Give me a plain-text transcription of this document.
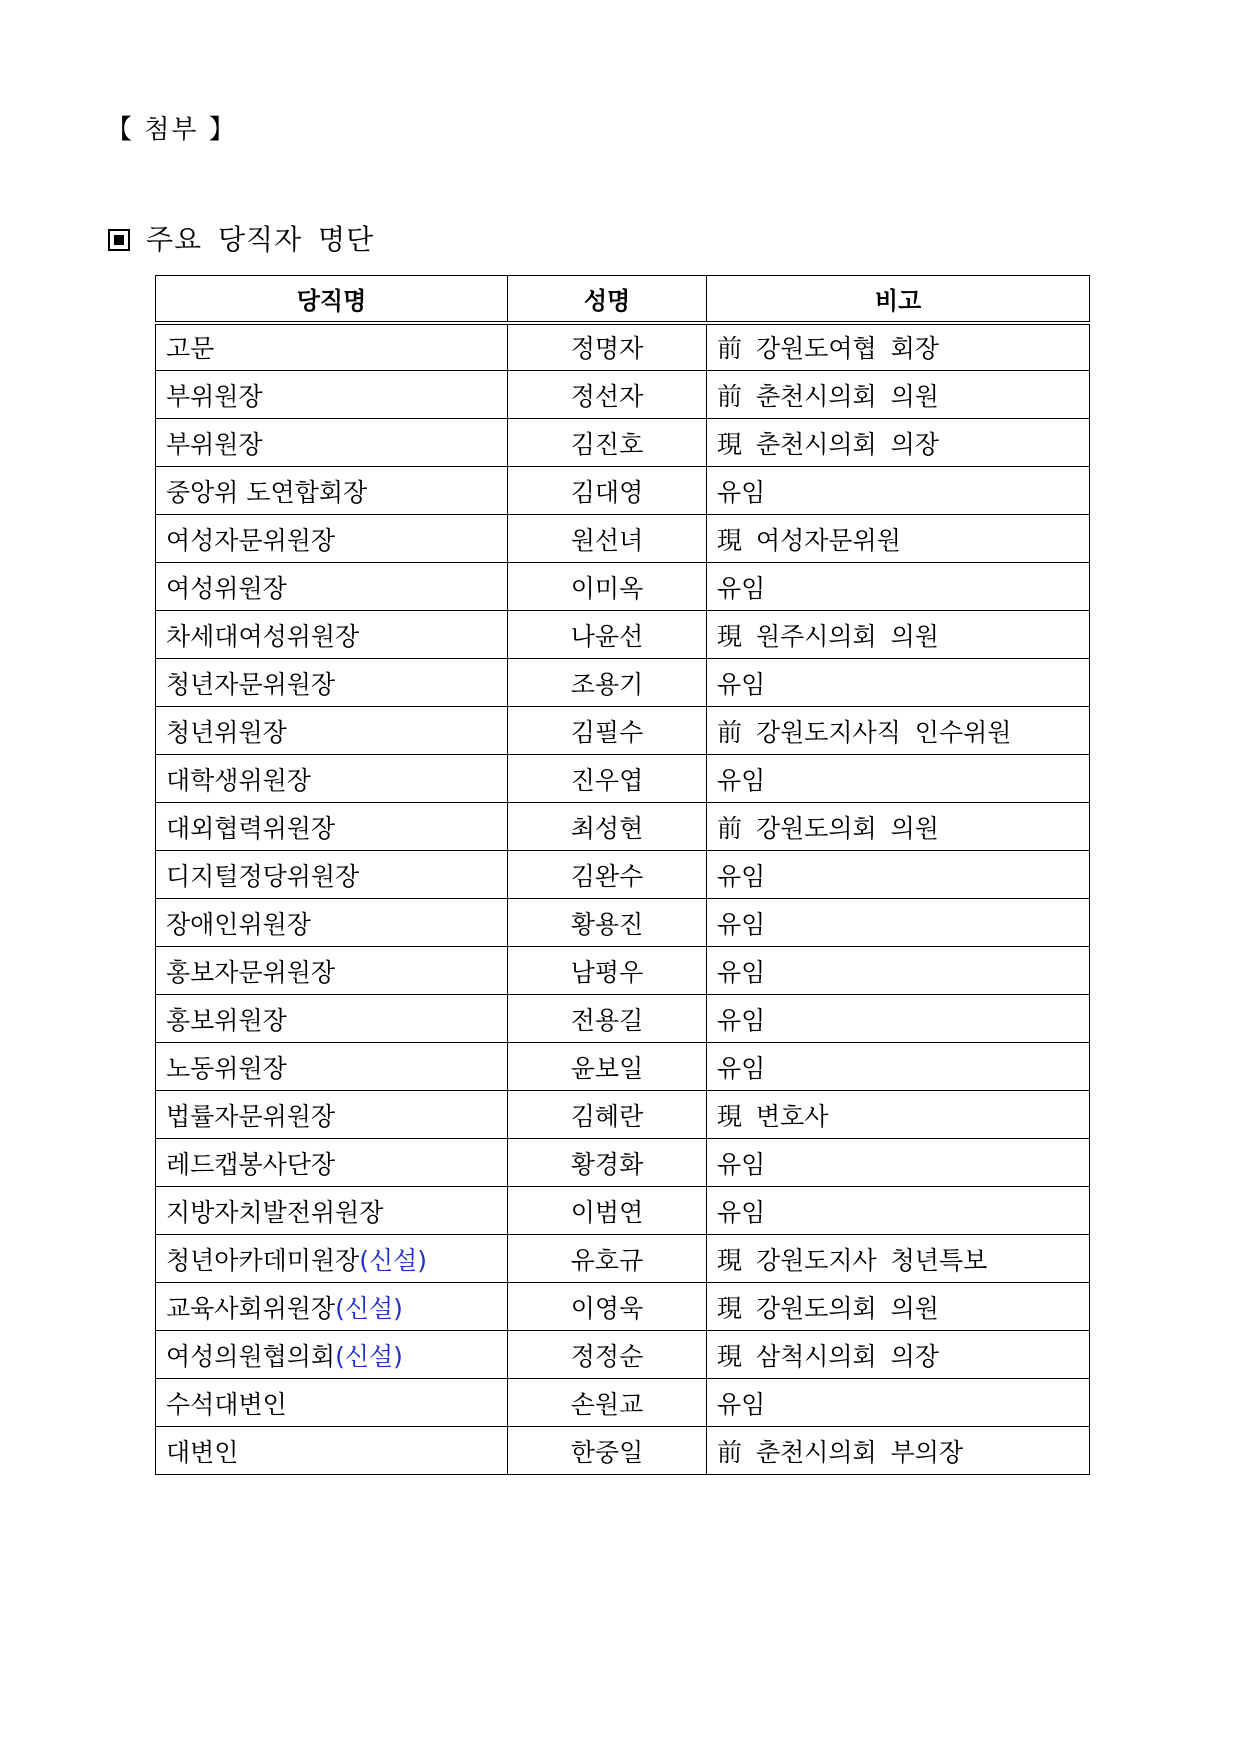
【 첨부 】
주요 당직자 명단
당직명	성명	비고
고문	정명자	前 강원도여협 회장
부위원장	정선자	前 춘천시의회 의원
부위원장	김진호	現 춘천시의회 의장
중앙위 도연합회장	김대영	유임
여성자문위원장	원선녀	現 여성자문위원
여성위원장	이미옥	유임
차세대여성위원장	나윤선	現 원주시의회 의원
청년자문위원장	조용기	유임
청년위원장	김필수	前 강원도지사직 인수위원
대학생위원장	진우엽	유임
대외협력위원장	최성현	前 강원도의회 의원
디지털정당위원장	김완수	유임
장애인위원장	황용진	유임
홍보자문위원장	남평우	유임
홍보위원장	전용길	유임
노동위원장	윤보일	유임
법률자문위원장	김혜란	現 변호사
레드캡봉사단장	황경화	유임
지방자치발전위원장	이범연	유임
청년아카데미원장(신설)	유호규	現 강원도지사 청년특보
교육사회위원장(신설)	이영욱	現 강원도의회 의원
여성의원협의회(신설)	정정순	現 삼척시의회 의장
수석대변인	손원교	유임
대변인	한중일	前 춘천시의회 부의장
